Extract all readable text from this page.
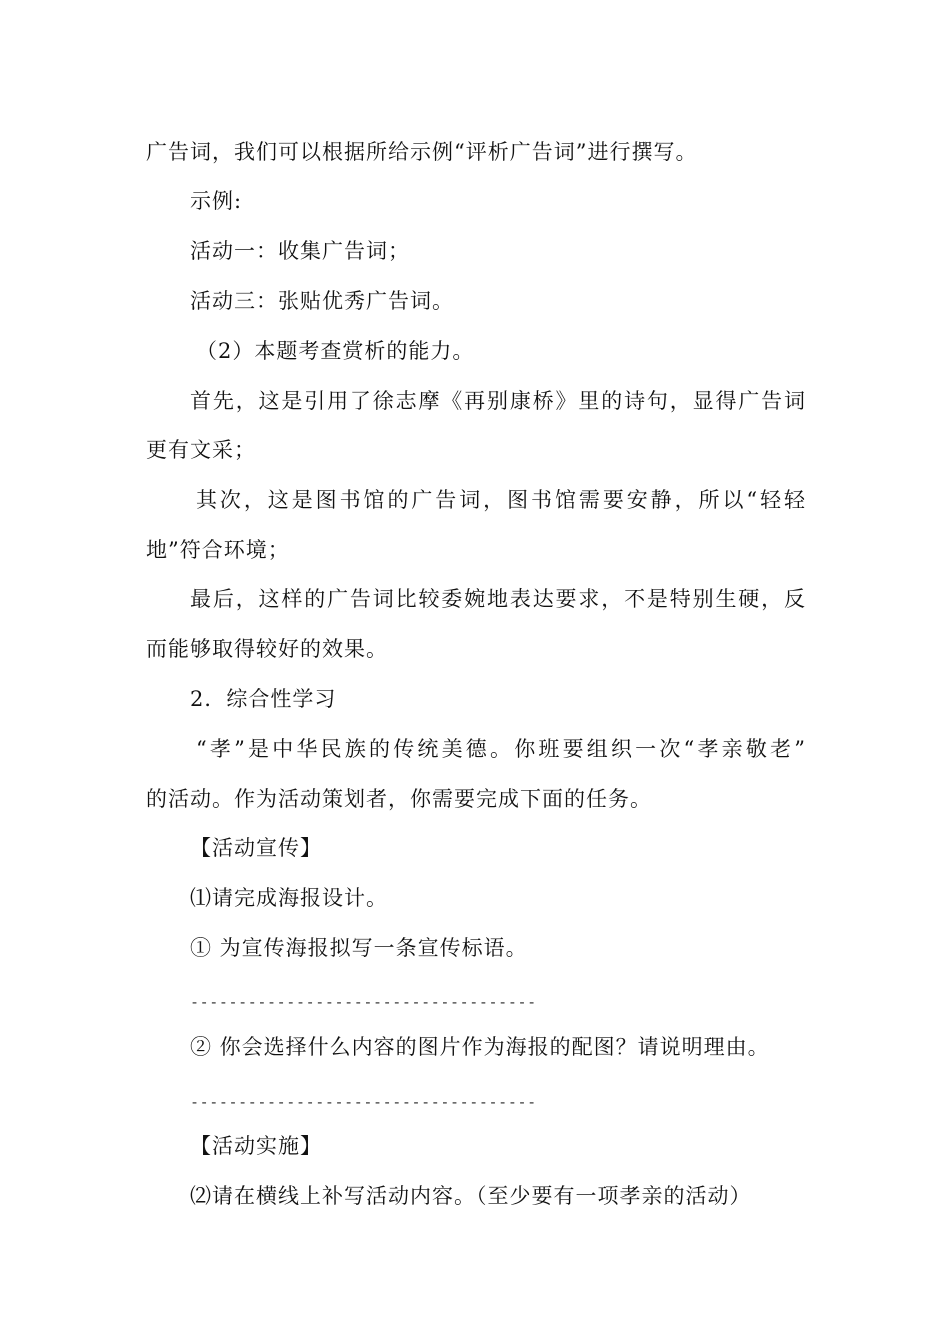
广告词，我们可以根据所给示例“评析广告词”进行撰写。
示例:
活动一：收集广告词；
活动三：张贴优秀广告词。
（2）本题考查赏析的能力。
首先，这是引用了徐志摩《再别康桥》里的诗句，显得广告词
更有文采；
其次，这是图书馆的广告词，图书馆需要安静，所以“轻轻
地”符合环境；
最后，这样的广告词比较委婉地表达要求，不是特别生硬，反
而能够取得较好的效果。
2．综合性学习
“孝”是中华民族的传统美德。你班要组织一次“孝亲敬老”
的活动。作为活动策划者，你需要完成下面的任务。
【活动宣传】
⑴请完成海报设计。
① 为宣传海报拟写一条宣传标语。
------------------------------------
② 你会选择什么内容的图片作为海报的配图？请说明理由。
------------------------------------
【活动实施】
⑵请在横线上补写活动内容。（至少要有一项孝亲的活动）
